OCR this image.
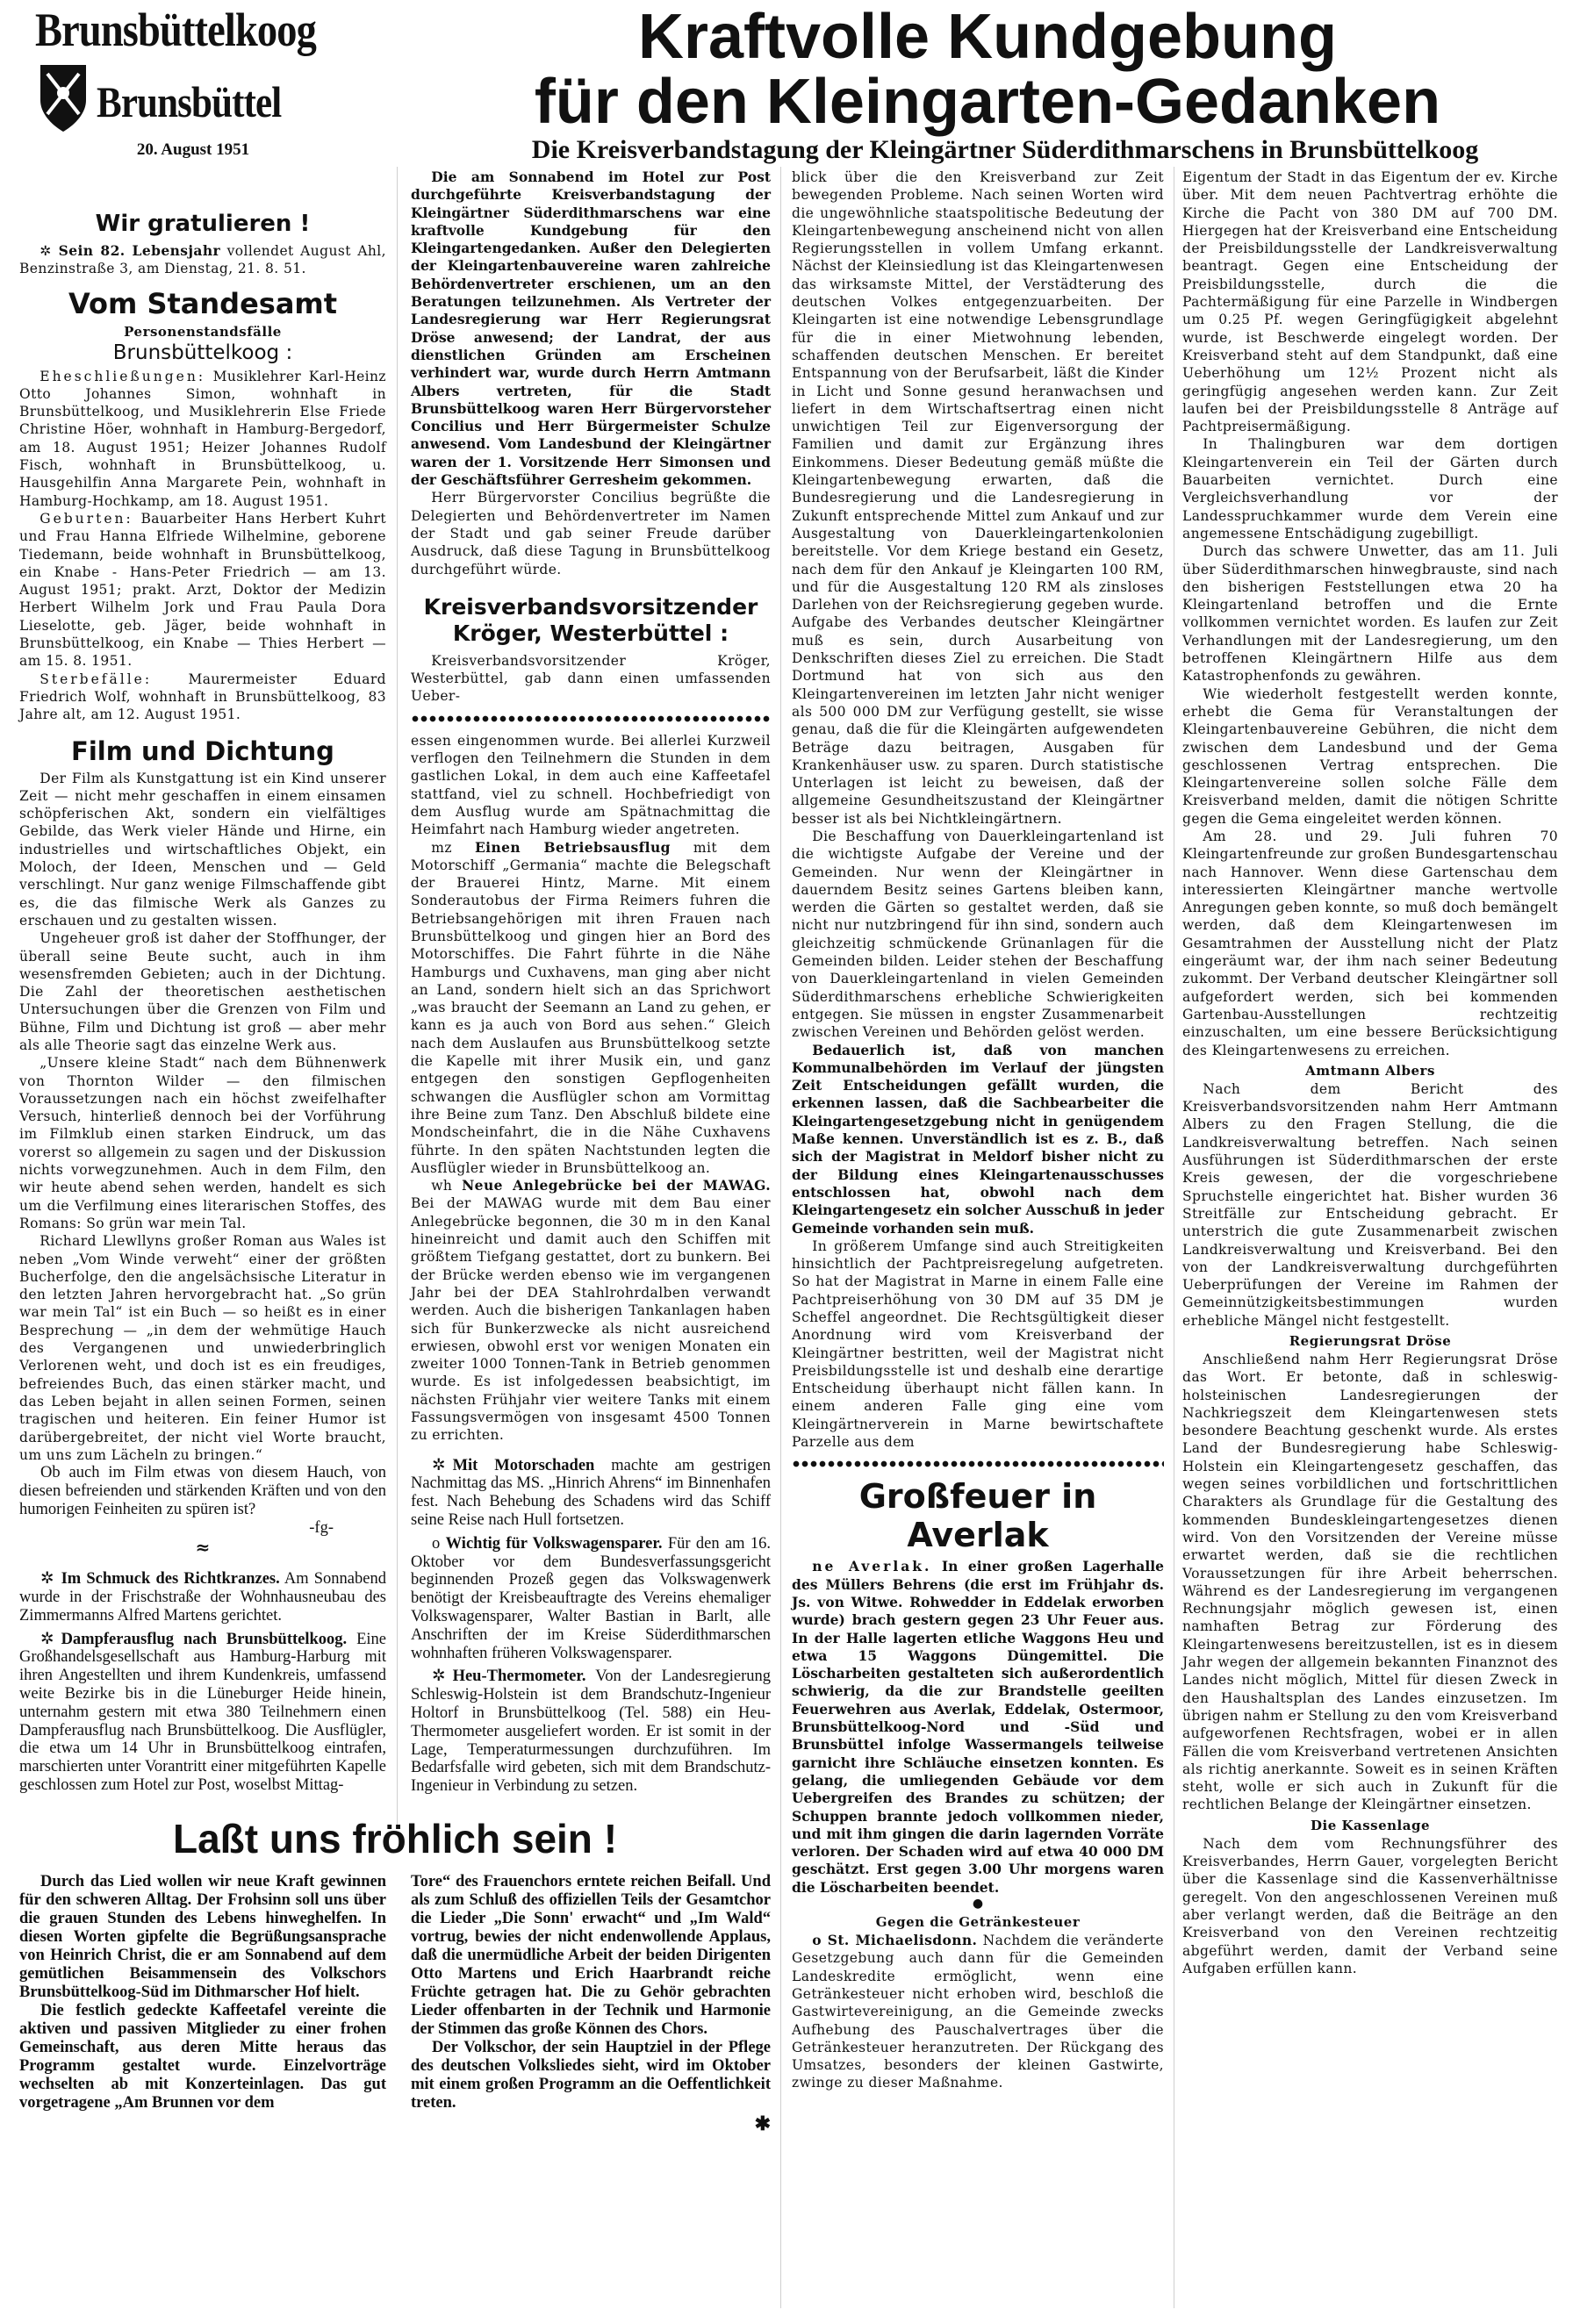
Brunsbüttelkoog
Brunsbüttel
20. August 1951
Kraftvolle Kundgebung
für den Kleingarten-Gedanken
Die Kreisverbandstagung der Kleingärtner Süderdithmarschens in Brunsbüttelkoog
Wir gratulieren !

✲ Sein 82. Lebensjahr vollendet August Ahl, Benzinstraße 3, am Dienstag, 21. 8. 51.

Vom Standesamt
Personenstandsfälle
Brunsbüttelkoog :

Eheschließungen: Musiklehrer Karl-Heinz Otto Johannes Simon, wohnhaft in Brunsbüttelkoog, und Musiklehrerin Else Friede Christine Höer, wohnhaft in Hamburg-Bergedorf, am 18. August 1951; Heizer Johannes Rudolf Fisch, wohnhaft in Brunsbüttelkoog, u. Hausgehilfin Anna Margarete Pein, wohnhaft in Hamburg-Hochkamp, am 18. August 1951.

Geburten: Bauarbeiter Hans Herbert Kuhrt und Frau Hanna Elfriede Wilhelmine, geborene Tiedemann, beide wohnhaft in Brunsbüttelkoog, ein Knabe - Hans-Peter Friedrich — am 13. August 1951; prakt. Arzt, Doktor der Medizin Herbert Wilhelm Jork und Frau Paula Dora Lieselotte, geb. Jäger, beide wohnhaft in Brunsbüttelkoog, ein Knabe — Thies Herbert — am 15. 8. 1951.

Sterbefälle: Maurermeister Eduard Friedrich Wolf, wohnhaft in Brunsbüttelkoog, 83 Jahre alt, am 12. August 1951.

Film und Dichtung

Der Film als Kunstgattung ist ein Kind unserer Zeit — nicht mehr geschaffen in einem einsamen schöpferischen Akt, sondern ein vielfältiges Gebilde, das Werk vieler Hände und Hirne, ein industrielles und wirtschaftliches Objekt, ein Moloch, der Ideen, Menschen und — Geld verschlingt. Nur ganz wenige Filmschaffende gibt es, die das filmische Werk als Ganzes zu erschauen und zu gestalten wissen.

Ungeheuer groß ist daher der Stoffhunger, der überall seine Beute sucht, auch in ihm wesensfremden Gebieten; auch in der Dichtung. Die Zahl der theoretischen aesthetischen Untersuchungen über die Grenzen von Film und Bühne, Film und Dichtung ist groß — aber mehr als alle Theorie sagt das einzelne Werk aus.

„Unsere kleine Stadt“ nach dem Bühnenwerk von Thornton Wilder — den filmischen Voraussetzungen nach ein höchst zweifelhafter Versuch, hinterließ dennoch bei der Vorführung im Filmklub einen starken Eindruck, um das vorerst so allgemein zu sagen und der Diskussion nichts vorwegzunehmen. Auch in dem Film, den wir heute abend sehen werden, handelt es sich um die Verfilmung eines literarischen Stoffes, des Romans: So grün war mein Tal.

Richard Llewllyns großer Roman aus Wales ist neben „Vom Winde verweht“ einer der größten Bucherfolge, den die angelsächsische Literatur in den letzten Jahren hervorgebracht hat. „So grün war mein Tal“ ist ein Buch — so heißt es in einer Besprechung — „in dem der wehmütige Hauch des Vergangenen und unwiederbringlich Verlorenen weht, und doch ist es ein freudiges, befreiendes Buch, das einen stärker macht, und das Leben bejaht in allen seinen Formen, seinen tragischen und heiteren. Ein feiner Humor ist darübergebreitet, der nicht viel Worte braucht, um uns zum Lächeln zu bringen.“

Ob auch im Film etwas von diesem Hauch, von diesen befreienden und stärkenden Kräften und von den humorigen Feinheiten zu spüren ist?

-fg-
≈

✲ Im Schmuck des Richtkranzes. Am Sonnabend wurde in der Frischstraße der Wohnhausneubau des Zimmermanns Alfred Martens gerichtet.

✲ Dampferausflug nach Brunsbüttelkoog. Eine Großhandelsgesellschaft aus Hamburg-Harburg mit ihren Angestellten und ihrem Kundenkreis, umfassend weite Bezirke bis in die Lüneburger Heide hinein, unternahm gestern mit etwa 380 Teilnehmern einen Dampferausflug nach Brunsbüttelkoog. Die Ausflügler, die etwa um 14 Uhr in Brunsbüttelkoog eintrafen, marschierten unter Vorantritt einer mitgeführten Kapelle geschlossen zum Hotel zur Post, woselbst Mittag-

Die am Sonnabend im Hotel zur Post durchgeführte Kreisverbandstagung der Kleingärtner Süderdithmarschens war eine kraftvolle Kundgebung für den Kleingartengedanken. Außer den Delegierten der Kleingartenbauvereine waren zahlreiche Behördenvertreter erschienen, um an den Beratungen teilzunehmen. Als Vertreter der Landesregierung war Herr Regierungsrat Dröse anwesend; der Landrat, der aus dienstlichen Gründen am Erscheinen verhindert war, wurde durch Herrn Amtmann Albers vertreten, für die Stadt Brunsbüttelkoog waren Herr Bürgervorsteher Concilius und Herr Bürgermeister Schulze anwesend. Vom Landesbund der Kleingärtner waren der 1. Vorsitzende Herr Simonsen und der Geschäftsführer Gerresheim gekommen.

Herr Bürgervorster Concilius begrüßte die Delegierten und Behördenvertreter im Namen der Stadt und gab seiner Freude darüber Ausdruck, daß diese Tagung in Brunsbüttelkoog durchgeführt würde.

Kreisverbandsvorsitzender Kröger, Westerbüttel :

Kreisverbandsvorsitzender Kröger, Westerbüttel, gab dann einen umfassenden Ueber-

essen eingenommen wurde. Bei allerlei Kurzweil verflogen den Teilnehmern die Stunden in dem gastlichen Lokal, in dem auch eine Kaffeetafel stattfand, viel zu schnell. Hochbefriedigt von dem Ausflug wurde am Spätnachmittag die Heimfahrt nach Hamburg wieder angetreten.

mz Einen Betriebsausflug mit dem Motorschiff „Germania“ machte die Belegschaft der Brauerei Hintz, Marne. Mit einem Sonderautobus der Firma Reimers fuhren die Betriebsangehörigen mit ihren Frauen nach Brunsbüttelkoog und gingen hier an Bord des Motorschiffes. Die Fahrt führte in die Nähe Hamburgs und Cuxhavens, man ging aber nicht an Land, sondern hielt sich an das Sprichwort „was braucht der Seemann an Land zu gehen, er kann es ja auch von Bord aus sehen.“ Gleich nach dem Auslaufen aus Brunsbüttelkoog setzte die Kapelle mit ihrer Musik ein, und ganz entgegen den sonstigen Gepflogenheiten schwangen die Ausflügler schon am Vormittag ihre Beine zum Tanz. Den Abschluß bildete eine Mondscheinfahrt, die in die Nähe Cuxhavens führte. In den späten Nachtstunden legten die Ausflügler wieder in Brunsbüttelkoog an.

wh Neue Anlegebrücke bei der MAWAG. Bei der MAWAG wurde mit dem Bau einer Anlegebrücke begonnen, die 30 m in den Kanal hineinreicht und damit auch den Schiffen mit größtem Tiefgang gestattet, dort zu bunkern. Bei der Brücke werden ebenso wie im vergangenen Jahr bei der DEA Stahlrohrdalben verwandt werden. Auch die bisherigen Tankanlagen haben sich für Bunkerzwecke als nicht ausreichend erwiesen, obwohl erst vor wenigen Monaten ein zweiter 1000 Tonnen-Tank in Betrieb genommen wurde. Es ist infolgedessen beabsichtigt, im nächsten Frühjahr vier weitere Tanks mit einem Fassungsvermögen von insgesamt 4500 Tonnen zu errichten.

✲ Mit Motorschaden machte am gestrigen Nachmittag das MS. „Hinrich Ahrens“ im Binnenhafen fest. Nach Behebung des Schadens wird das Schiff seine Reise nach Hull fortsetzen.

o Wichtig für Volkswagensparer. Für den am 16. Oktober vor dem Bundesverfassungsgericht beginnenden Prozeß gegen das Volkswagenwerk benötigt der Kreisbeauftragte des Vereins ehemaliger Volkswagensparer, Walter Bastian in Barlt, alle Anschriften der im Kreise Süderdithmarschen wohnhaften früheren Volkswagensparer.

✲ Heu-Thermometer. Von der Landesregierung Schleswig-Holstein ist dem Brandschutz-Ingenieur Holtorf in Brunsbüttelkoog (Tel. 588) ein Heu-Thermometer ausgeliefert worden. Er ist somit in der Lage, Temperaturmessungen durchzuführen. Im Bedarfsfalle wird gebeten, sich mit dem Brandschutz-Ingenieur in Verbindung zu setzen.

Laßt uns fröhlich sein !

Durch das Lied wollen wir neue Kraft gewinnen für den schweren Alltag. Der Frohsinn soll uns über die grauen Stunden des Lebens hinweghelfen. In diesen Worten gipfelte die Begrüßungsansprache von Heinrich Christ, die er am Sonnabend auf dem gemütlichen Beisammensein des Volkschors Brunsbüttelkoog-Süd im Dithmarscher Hof hielt.

Die festlich gedeckte Kaffeetafel vereinte die aktiven und passiven Mitglieder zu einer frohen Gemeinschaft, aus deren Mitte heraus das Programm gestaltet wurde. Einzelvorträge wechselten ab mit Konzerteinlagen. Das gut vorgetragene „Am Brunnen vor dem

Tore“ des Frauenchors erntete reichen Beifall. Und als zum Schluß des offiziellen Teils der Gesamtchor die Lieder „Die Sonn' erwacht“ und „Im Wald“ vortrug, bewies der nicht endenwollende Applaus, daß die unermüdliche Arbeit der beiden Dirigenten Otto Martens und Erich Haarbrandt reiche Früchte getragen hat. Die zu Gehör gebrachten Lieder offenbarten in der Technik und Harmonie der Stimmen das große Können des Chors.

Der Volkschor, der sein Hauptziel in der Pflege des deutschen Volksliedes sieht, wird im Oktober mit einem großen Programm an die Oeffentlichkeit treten.

✱

blick über die den Kreisverband zur Zeit bewegenden Probleme. Nach seinen Worten wird die ungewöhnliche staatspolitische Bedeutung der Kleingartenbewegung anscheinend nicht von allen Regierungsstellen in vollem Umfang erkannt. Nächst der Kleinsiedlung ist das Kleingartenwesen das wirksamste Mittel, der Verstädterung des deutschen Volkes entgegenzuarbeiten. Der Kleingarten ist eine notwendige Lebensgrundlage für die in einer Mietwohnung lebenden, schaffenden deutschen Menschen. Er bereitet Entspannung von der Berufsarbeit, läßt die Kinder in Licht und Sonne gesund heranwachsen und liefert in dem Wirtschaftsertrag einen nicht unwichtigen Teil zur Eigenversorgung der Familien und damit zur Ergänzung ihres Einkommens. Dieser Bedeutung gemäß müßte die Kleingartenbewegung erwarten, daß die Bundesregierung und die Landesregierung in Zukunft entsprechende Mittel zum Ankauf und zur Ausgestaltung von Dauerkleingartenkolonien bereitstelle. Vor dem Kriege bestand ein Gesetz, nach dem für den Ankauf je Kleingarten 100 RM, und für die Ausgestaltung 120 RM als zinsloses Darlehen von der Reichsregierung gegeben wurde. Aufgabe des Verbandes deutscher Kleingärtner muß es sein, durch Ausarbeitung von Denkschriften dieses Ziel zu erreichen. Die Stadt Dortmund hat von sich aus den Kleingartenvereinen im letzten Jahr nicht weniger als 500 000 DM zur Verfügung gestellt, sie wisse genau, daß die für die Kleingärten aufgewendeten Beträge dazu beitragen, Ausgaben für Krankenhäuser usw. zu sparen. Durch statistische Unterlagen ist leicht zu beweisen, daß der allgemeine Gesundheitszustand der Kleingärtner besser ist als bei Nichtkleingärtnern.

Die Beschaffung von Dauerkleingartenland ist die wichtigste Aufgabe der Vereine und der Gemeinden. Nur wenn der Kleingärtner in dauerndem Besitz seines Gartens bleiben kann, werden die Gärten so gestaltet werden, daß sie nicht nur nutzbringend für ihn sind, sondern auch gleichzeitig schmückende Grünanlagen für die Gemeinden bilden. Leider stehen der Beschaffung von Dauerkleingartenland in vielen Gemeinden Süderdithmarschens erhebliche Schwierigkeiten entgegen. Sie müssen in engster Zusammenarbeit zwischen Vereinen und Behörden gelöst werden.

Bedauerlich ist, daß von manchen Kommunalbehörden im Verlauf der jüngsten Zeit Entscheidungen gefällt wurden, die erkennen lassen, daß die Sachbearbeiter die Kleingartengesetzgebung nicht in genügendem Maße kennen. Unverständlich ist es z. B., daß sich der Magistrat in Meldorf bisher nicht zu der Bildung eines Kleingartenausschusses entschlossen hat, obwohl nach dem Kleingartengesetz ein solcher Ausschuß in jeder Gemeinde vorhanden sein muß.

In größerem Umfange sind auch Streitigkeiten hinsichtlich der Pachtpreisregelung aufgetreten. So hat der Magistrat in Marne in einem Falle eine Pachtpreiserhöhung von 30 DM auf 35 DM je Scheffel angeordnet. Die Rechtsgültigkeit dieser Anordnung wird vom Kreisverband der Kleingärtner bestritten, weil der Magistrat nicht Preisbildungsstelle ist und deshalb eine derartige Entscheidung überhaupt nicht fällen kann. In einem anderen Falle ging eine vom Kleingärtnerverein in Marne bewirtschaftete Parzelle aus dem

Großfeuer in Averlak

ne Averlak. In einer großen Lagerhalle des Müllers Behrens (die erst im Frühjahr ds. Js. von Witwe. Rohwedder in Eddelak erworben wurde) brach gestern gegen 23 Uhr Feuer aus. In der Halle lagerten etliche Waggons Heu und etwa 15 Waggons Düngemittel. Die Löscharbeiten gestalteten sich außerordentlich schwierig, da die zur Brandstelle geeilten Feuerwehren aus Averlak, Eddelak, Ostermoor, Brunsbüttelkoog-Nord und -Süd und Brunsbüttel infolge Wassermangels teilweise garnicht ihre Schläuche einsetzen konnten. Es gelang, die umliegenden Gebäude vor dem Uebergreifen des Brandes zu schützen; der Schuppen brannte jedoch vollkommen nieder, und mit ihm gingen die darin lagernden Vorräte verloren. Der Schaden wird auf etwa 40 000 DM geschätzt. Erst gegen 3.00 Uhr morgens waren die Löscharbeiten beendet.

●
Gegen die Getränkesteuer

o St. Michaelisdonn. Nachdem die veränderte Gesetzgebung auch dann für die Gemeinden Landeskredite ermöglicht, wenn eine Getränkesteuer nicht erhoben wird, beschloß die Gastwirtevereinigung, an die Gemeinde zwecks Aufhebung des Pauschalvertrages über die Getränkesteuer heranzutreten. Der Rückgang des Umsatzes, besonders der kleinen Gastwirte, zwinge zu dieser Maßnahme.

Eigentum der Stadt in das Eigentum der ev. Kirche über. Mit dem neuen Pachtvertrag erhöhte die Kirche die Pacht von 380 DM auf 700 DM. Hiergegen hat der Kreisverband eine Entscheidung der Preisbildungsstelle der Landkreisverwaltung beantragt. Gegen eine Entscheidung der Preisbildungsstelle, durch die die Pachtermäßigung für eine Parzelle in Windbergen um 0.25 Pf. wegen Geringfügigkeit abgelehnt wurde, ist Beschwerde eingelegt worden. Der Kreisverband steht auf dem Standpunkt, daß eine Ueberhöhung um 12½ Prozent nicht als geringfügig angesehen werden kann. Zur Zeit laufen bei der Preisbildungsstelle 8 Anträge auf Pachtpreisermäßigung.

In Thalingburen war dem dortigen Kleingartenverein ein Teil der Gärten durch Bauarbeiten vernichtet. Durch eine Vergleichsverhandlung vor der Landesspruchkammer wurde dem Verein eine angemessene Entschädigung zugebilligt.

Durch das schwere Unwetter, das am 11. Juli über Süderdithmarschen hinwegbrauste, sind nach den bisherigen Feststellungen etwa 20 ha Kleingartenland betroffen und die Ernte vollkommen vernichtet worden. Es laufen zur Zeit Verhandlungen mit der Landesregierung, um den betroffenen Kleingärtnern Hilfe aus dem Katastrophenfonds zu gewähren.

Wie wiederholt festgestellt werden konnte, erhebt die Gema für Veranstaltungen der Kleingartenbauvereine Gebühren, die nicht dem zwischen dem Landesbund und der Gema geschlossenen Vertrag entsprechen. Die Kleingartenvereine sollen solche Fälle dem Kreisverband melden, damit die nötigen Schritte gegen die Gema eingeleitet werden können.

Am 28. und 29. Juli fuhren 70 Kleingartenfreunde zur großen Bundesgartenschau nach Hannover. Wenn diese Gartenschau dem interessierten Kleingärtner manche wertvolle Anregungen geben konnte, so muß doch bemängelt werden, daß dem Kleingartenwesen im Gesamtrahmen der Ausstellung nicht der Platz eingeräumt war, der ihm nach seiner Bedeutung zukommt. Der Verband deutscher Kleingärtner soll aufgefordert werden, sich bei kommenden Gartenbau-Ausstellungen rechtzeitig einzuschalten, um eine bessere Berücksichtigung des Kleingartenwesens zu erreichen.

Amtmann Albers

Nach dem Bericht des Kreisverbandsvorsitzenden nahm Herr Amtmann Albers zu den Fragen Stellung, die die Landkreisverwaltung betreffen. Nach seinen Ausführungen ist Süderdithmarschen der erste Kreis gewesen, der die vorgeschriebene Spruchstelle eingerichtet hat. Bisher wurden 36 Streitfälle zur Entscheidung gebracht. Er unterstrich die gute Zusammenarbeit zwischen Landkreisverwaltung und Kreisverband. Bei den von der Landkreisverwaltung durchgeführten Ueberprüfungen der Vereine im Rahmen der Gemeinnützigkeitsbestimmungen wurden erhebliche Mängel nicht festgestellt.

Regierungsrat Dröse

Anschließend nahm Herr Regierungsrat Dröse das Wort. Er betonte, daß in schleswig-holsteinischen Landesregierungen der Nachkriegszeit dem Kleingartenwesen stets besondere Beachtung geschenkt wurde. Als erstes Land der Bundesregierung habe Schleswig-Holstein ein Kleingartengesetz geschaffen, das wegen seines vorbildlichen und fortschrittlichen Charakters als Grundlage für die Gestaltung des kommenden Bundeskleingartengesetzes dienen wird. Von den Vorsitzenden der Vereine müsse erwartet werden, daß sie die rechtlichen Voraussetzungen für ihre Arbeit beherrschen. Während es der Landesregierung im vergangenen Rechnungsjahr möglich gewesen ist, einen namhaften Betrag zur Förderung des Kleingartenwesens bereitzustellen, ist es in diesem Jahr wegen der allgemein bekannten Finanznot des Landes nicht möglich, Mittel für diesen Zweck in den Haushaltsplan des Landes einzusetzen. Im übrigen nahm er Stellung zu den vom Kreisverband aufgeworfenen Rechtsfragen, wobei er in allen Fällen die vom Kreisverband vertretenen Ansichten als richtig anerkannte. Soweit es in seinen Kräften steht, wolle er sich auch in Zukunft für die rechtlichen Belange der Kleingärtner einsetzen.

Die Kassenlage

Nach dem vom Rechnungsführer des Kreisverbandes, Herrn Gauer, vorgelegten Bericht über die Kassenlage sind die Kassenverhältnisse geregelt. Von den angeschlossenen Vereinen muß aber verlangt werden, daß die Beiträge an den Kreisverband von den Vereinen rechtzeitig abgeführt werden, damit der Verband seine Aufgaben erfüllen kann.
